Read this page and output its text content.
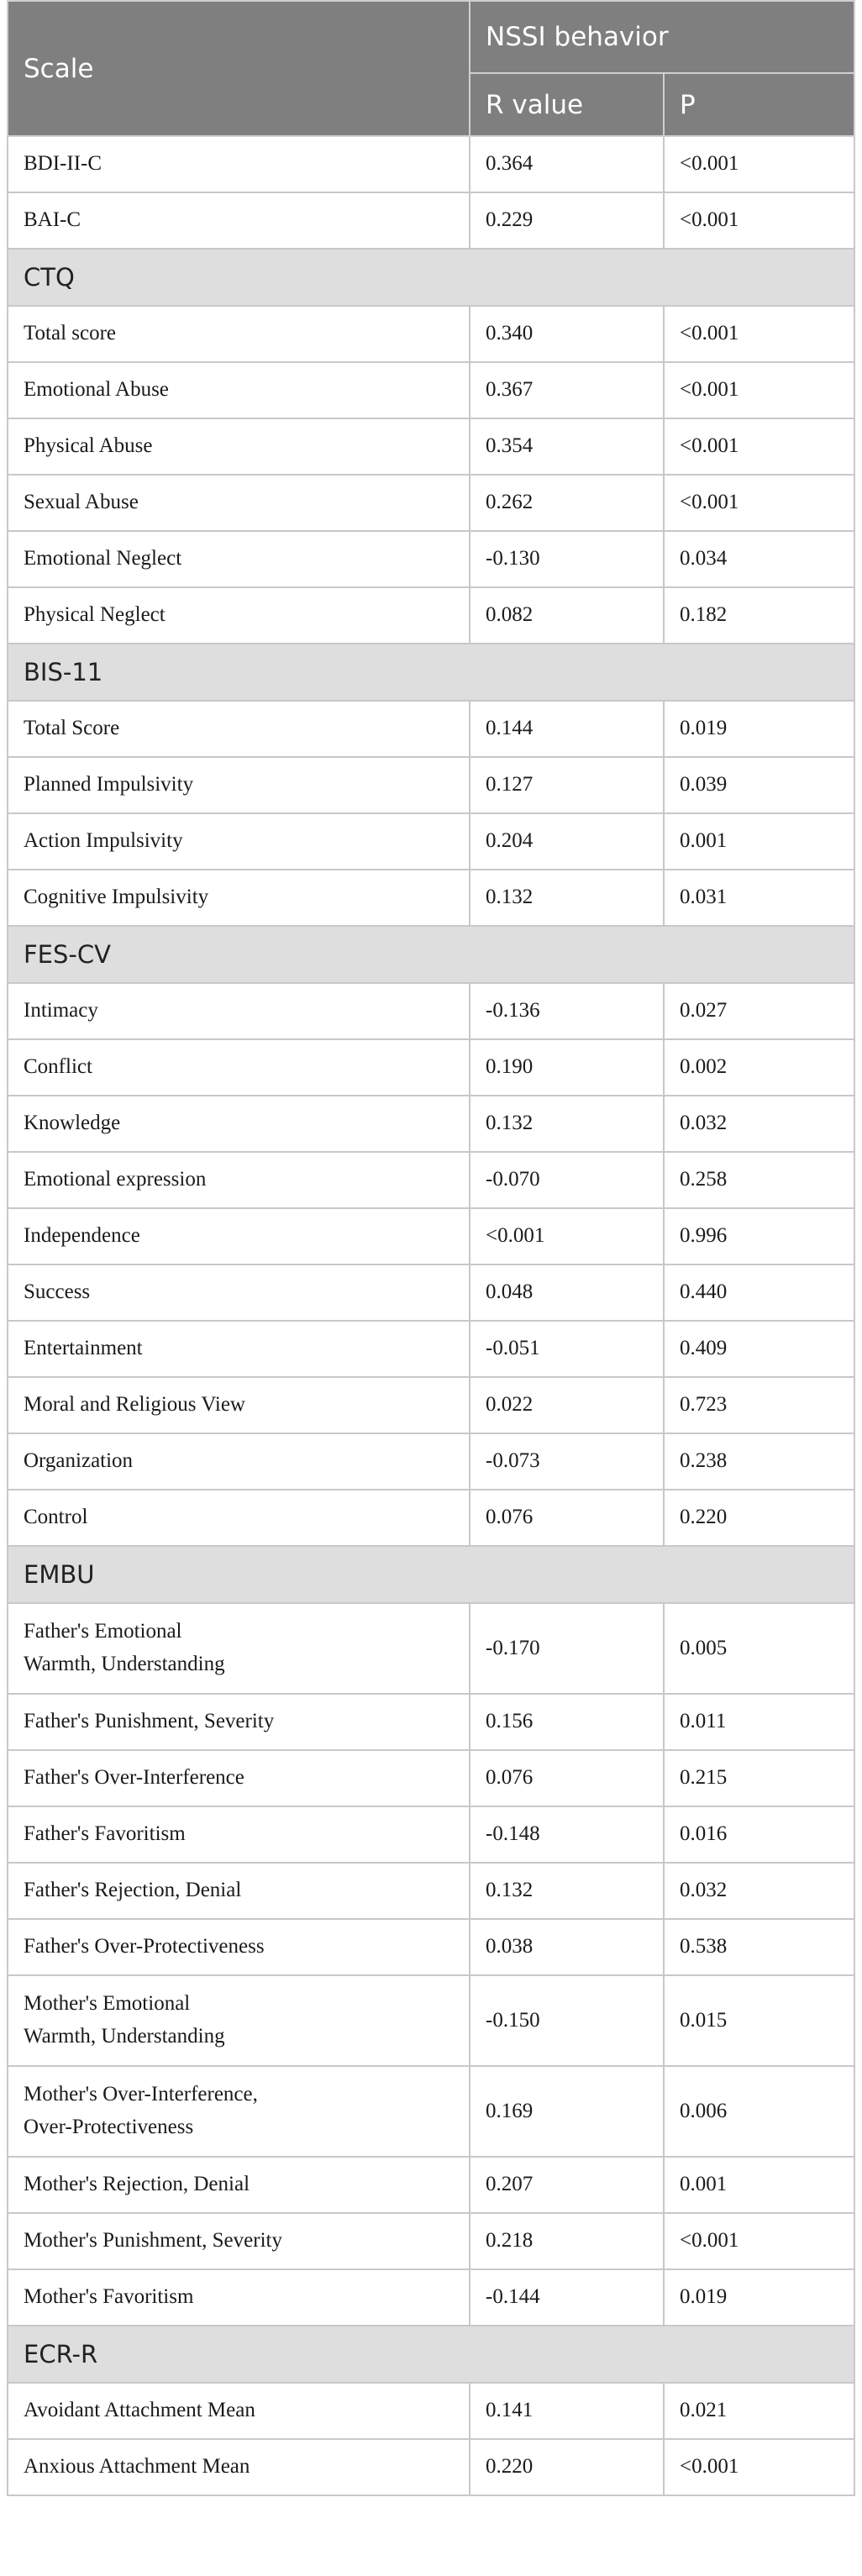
Scale	NSSI behavior	
	R value	P
BDI-II-C	0.364	<0.001
BAI-C	0.229	<0.001
CTQ		
Total score	0.340	<0.001
Emotional Abuse	0.367	<0.001
Physical Abuse	0.354	<0.001
Sexual Abuse	0.262	<0.001
Emotional Neglect	-0.130	0.034
Physical Neglect	0.082	0.182
BIS-11		
Total Score	0.144	0.019
Planned Impulsivity	0.127	0.039
Action Impulsivity	0.204	0.001
Cognitive Impulsivity	0.132	0.031
FES-CV		
Intimacy	-0.136	0.027
Conflict	0.190	0.002
Knowledge	0.132	0.032
Emotional expression	-0.070	0.258
Independence	<0.001	0.996
Success	0.048	0.440
Entertainment	-0.051	0.409
Moral and Religious View	0.022	0.723
Organization	-0.073	0.238
Control	0.076	0.220
EMBU		
Father's Emotional
Warmth, Understanding	-0.170	0.005
Father's Punishment, Severity	0.156	0.011
Father's Over-Interference	0.076	0.215
Father's Favoritism	-0.148	0.016
Father's Rejection, Denial	0.132	0.032
Father's Over-Protectiveness	0.038	0.538
Mother's Emotional
Warmth, Understanding	-0.150	0.015
Mother's Over-Interference,
Over-Protectiveness	0.169	0.006
Mother's Rejection, Denial	0.207	0.001
Mother's Punishment, Severity	0.218	<0.001
Mother's Favoritism	-0.144	0.019
ECR-R		
Avoidant Attachment Mean	0.141	0.021
Anxious Attachment Mean	0.220	<0.001
